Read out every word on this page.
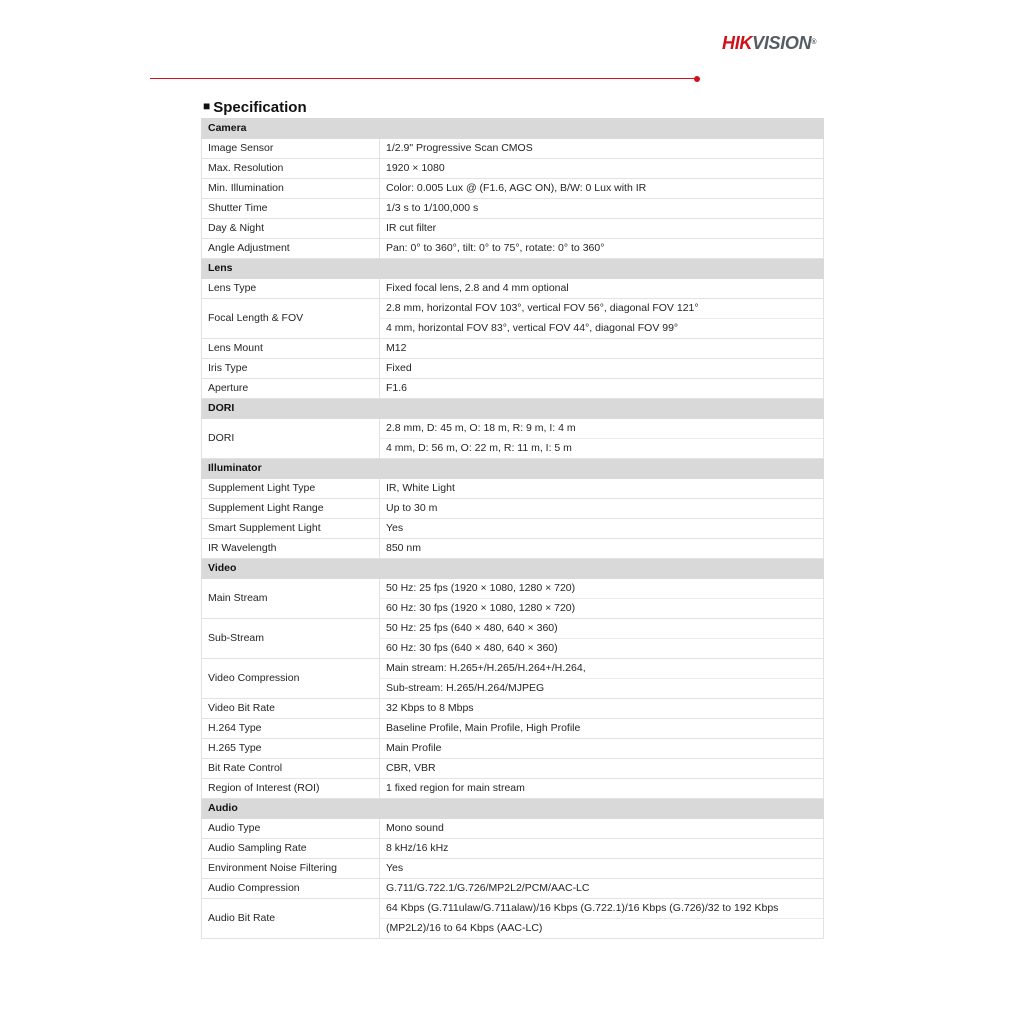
HIKVISION®
■ Specification
Camera	
Image Sensor	1/2.9" Progressive Scan CMOS

Max. Resolution	1920 × 1080

Min. Illumination	Color: 0.005 Lux @ (F1.6, AGC ON), B/W: 0 Lux with IR

Shutter Time	1/3 s to 1/100,000 s

Day & Night	IR cut filter

Angle Adjustment	Pan: 0° to 360°, tilt: 0° to 75°, rotate: 0° to 360°

Lens	
Lens Type	Fixed focal lens, 2.8 and 4 mm optional

Focal Length & FOV	2.8 mm, horizontal FOV 103°, vertical FOV 56°, diagonal FOV 121°
4 mm, horizontal FOV 83°, vertical FOV 44°, diagonal FOV 99°

Lens Mount	M12

Iris Type	Fixed

Aperture	F1.6

DORI	
DORI	2.8 mm, D: 45 m, O: 18 m, R: 9 m, I: 4 m
4 mm, D: 56 m, O: 22 m, R: 11 m, I: 5 m

Illuminator	
Supplement Light Type	IR, White Light

Supplement Light Range	Up to 30 m

Smart Supplement Light	Yes

IR Wavelength	850 nm

Video	
Main Stream	50 Hz: 25 fps (1920 × 1080, 1280 × 720)
60 Hz: 30 fps (1920 × 1080, 1280 × 720)

Sub-Stream	50 Hz: 25 fps (640 × 480, 640 × 360)
60 Hz: 30 fps (640 × 480, 640 × 360)

Video Compression	Main stream: H.265+/H.265/H.264+/H.264,
Sub-stream: H.265/H.264/MJPEG

Video Bit Rate	32 Kbps to 8 Mbps

H.264 Type	Baseline Profile, Main Profile, High Profile

H.265 Type	Main Profile

Bit Rate Control	CBR, VBR

Region of Interest (ROI)	1 fixed region for main stream

Audio	
Audio Type	Mono sound

Audio Sampling Rate	8 kHz/16 kHz

Environment Noise Filtering	Yes

Audio Compression	G.711/G.722.1/G.726/MP2L2/PCM/AAC-LC

Audio Bit Rate	64 Kbps (G.711ulaw/G.711alaw)/16 Kbps (G.722.1)/16 Kbps (G.726)/32 to 192 Kbps
(MP2L2)/16 to 64 Kbps (AAC-LC)
